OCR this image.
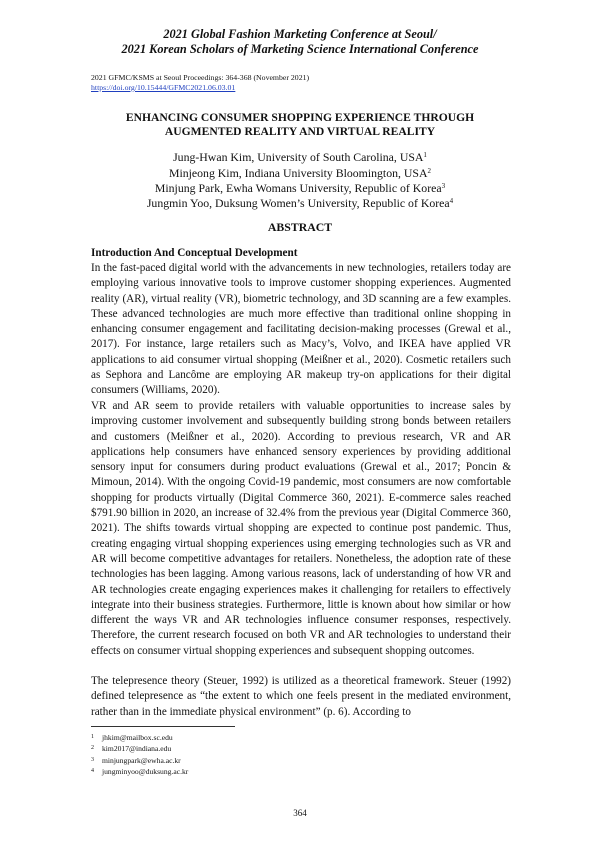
2021 Global Fashion Marketing Conference at Seoul/
2021 Korean Scholars of Marketing Science International Conference
2021 GFMC/KSMS at Seoul Proceedings: 364-368 (November 2021)
https://doi.org/10.15444/GFMC2021.06.03.01
ENHANCING CONSUMER SHOPPING EXPERIENCE THROUGH
AUGMENTED REALITY AND VIRTUAL REALITY
Jung-Hwan Kim, University of South Carolina, USA$^1$
Minjeong Kim, Indiana University Bloomington, USA$^2$
Minjung Park, Ewha Womans University, Republic of Korea$^3$
Jungmin Yoo, Duksung Women’s University, Republic of Korea$^4$
ABSTRACT
Introduction And Conceptual Development
In the fast-paced digital world with the advancements in new technologies, retailers today are employing various innovative tools to improve customer shopping experiences. Augmented reality (AR), virtual reality (VR), biometric technology, and 3D scanning are a few examples. These advanced technologies are much more effective than traditional online shopping in enhancing consumer engagement and facilitating decision-making processes (Grewal et al., 2017). For instance, large retailers such as Macy’s, Volvo, and IKEA have applied VR applications to aid consumer virtual shopping (Meißner et al., 2020). Cosmetic retailers such as Sephora and Lancôme are employing AR makeup try-on applications for their digital consumers (Williams, 2020).
VR and AR seem to provide retailers with valuable opportunities to increase sales by improving customer involvement and subsequently building strong bonds between retailers and customers (Meißner et al., 2020). According to previous research, VR and AR applications help consumers have enhanced sensory experiences by providing additional sensory input for consumers during product evaluations (Grewal et al., 2017; Poncin & Mimoun, 2014). With the ongoing Covid-19 pandemic, most consumers are now comfortable shopping for products virtually (Digital Commerce 360, 2021). E-commerce sales reached $791.90 billion in 2020, an increase of 32.4% from the previous year (Digital Commerce 360, 2021). The shifts towards virtual shopping are expected to continue post pandemic. Thus, creating engaging virtual shopping experiences using emerging technologies such as VR and AR will become competitive advantages for retailers. Nonetheless, the adoption rate of these technologies has been lagging. Among various reasons, lack of understanding of how VR and AR technologies create engaging experiences makes it challenging for retailers to effectively integrate into their business strategies. Furthermore, little is known about how similar or how different the ways VR and AR technologies influence consumer responses, respectively. Therefore, the current research focused on both VR and AR technologies to understand their effects on consumer virtual shopping experiences and subsequent shopping outcomes.
The telepresence theory (Steuer, 1992) is utilized as a theoretical framework. Steuer (1992) defined telepresence as “the extent to which one feels present in the mediated environment, rather than in the immediate physical environment” (p. 6). According to
1 jhkim@mailbox.sc.edu
2 kim2017@indiana.edu
3 minjungpark@ewha.ac.kr
4 jungminyoo@duksung.ac.kr
364
